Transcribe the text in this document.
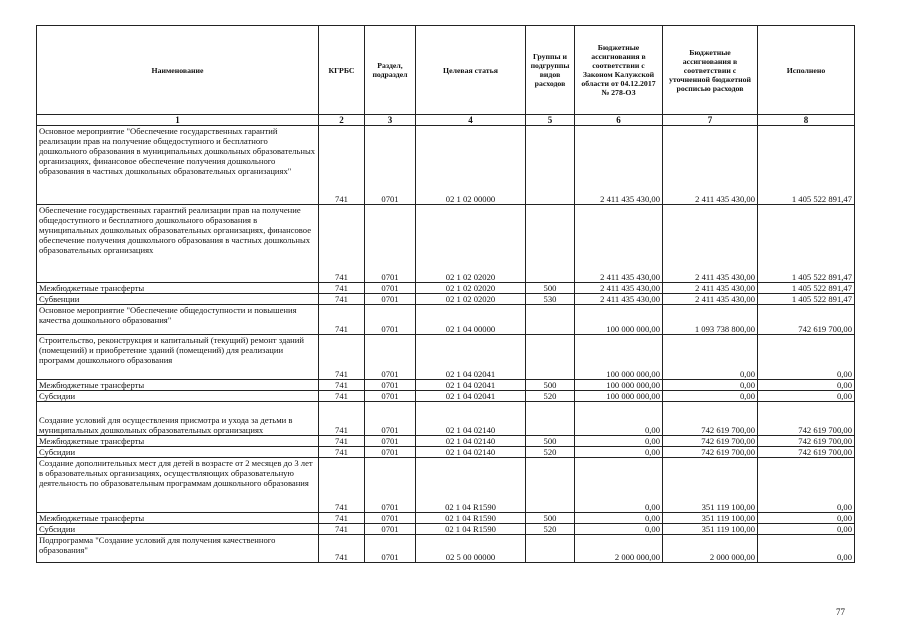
Наименование	КГРБС	Раздел, подраздел	Целевая статья	Группы и подгруппы видов расходов	Бюджетные ассигнования в соответствии с Законом Калужской области от 04.12.2017 № 278-ОЗ	Бюджетные ассигнования в соответствии с уточненной бюджетной росписью расходов	Исполнено
1	2	3	4	5	6	7	8
Основное мероприятие "Обеспечение государственных гарантий реализации прав на получение общедоступного и бесплатного дошкольного образования в муниципальных дошкольных образовательных организациях, финансовое обеспечение получения дошкольного образования в частных дошкольных образовательных организациях"	741	0701	02 1 02 00000		2 411 435 430,00	2 411 435 430,00	1 405 522 891,47
Обеспечение государственных гарантий реализации прав на получение общедоступного и бесплатного дошкольного образования в муниципальных дошкольных образовательных организациях, финансовое обеспечение получения дошкольного образования в частных дошкольных образовательных организациях	741	0701	02 1 02 02020		2 411 435 430,00	2 411 435 430,00	1 405 522 891,47
Межбюджетные трансферты	741	0701	02 1 02 02020	500	2 411 435 430,00	2 411 435 430,00	1 405 522 891,47
Субвенции	741	0701	02 1 02 02020	530	2 411 435 430,00	2 411 435 430,00	1 405 522 891,47
Основное мероприятие "Обеспечение общедоступности и повышения качества дошкольного образования"	741	0701	02 1 04 00000		100 000 000,00	1 093 738 800,00	742 619 700,00
Строительство, реконструкция и капитальный (текущий) ремонт зданий (помещений) и приобретение зданий (помещений) для реализации программ дошкольного образования	741	0701	02 1 04 02041		100 000 000,00	0,00	0,00
Межбюджетные трансферты	741	0701	02 1 04 02041	500	100 000 000,00	0,00	0,00
Субсидии	741	0701	02 1 04 02041	520	100 000 000,00	0,00	0,00
Создание условий для осуществления присмотра и ухода за детьми в муниципальных дошкольных образовательных организациях	741	0701	02 1 04 02140		0,00	742 619 700,00	742 619 700,00
Межбюджетные трансферты	741	0701	02 1 04 02140	500	0,00	742 619 700,00	742 619 700,00
Субсидии	741	0701	02 1 04 02140	520	0,00	742 619 700,00	742 619 700,00
Создание дополнительных мест для детей в возрасте от 2 месяцев до 3 лет в образовательных организациях, осуществляющих образовательную деятельность по образовательным программам дошкольного образования	741	0701	02 1 04 R1590		0,00	351 119 100,00	0,00
Межбюджетные трансферты	741	0701	02 1 04 R1590	500	0,00	351 119 100,00	0,00
Субсидии	741	0701	02 1 04 R1590	520	0,00	351 119 100,00	0,00
Подпрограмма "Создание условий для получения качественного образования"	741	0701	02 5 00 00000		2 000 000,00	2 000 000,00	0,00
77
